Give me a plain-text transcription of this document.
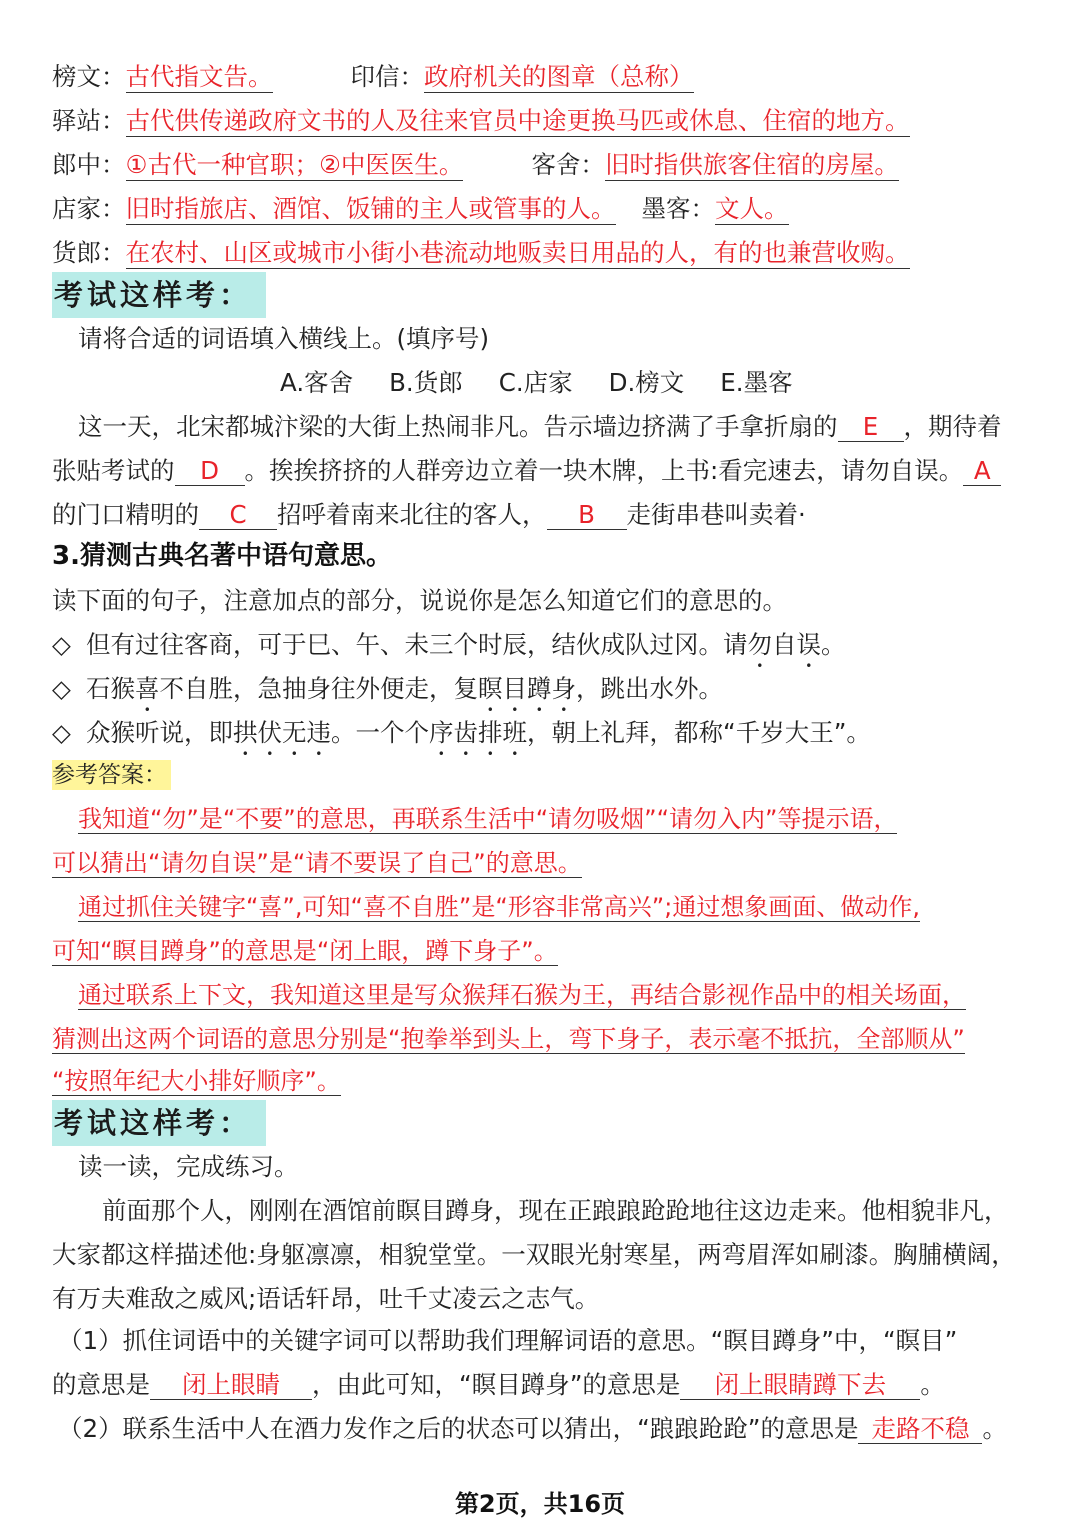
榜文：古代指文告。	印信：政府机关的图章（总称）
驿站：古代供传递政府文书的人及往来官员中途更换马匹或休息、住宿的地方。
郎中：①古代一种官职；②中医医生。	客舍：旧时指供旅客住宿的房屋。
店家：旧时指旅店、酒馆、饭铺的主人或管事的人。 墨客：文人。
货郎：在农村、山区或城市小街小巷流动地贩卖日用品的人，有的也兼营收购。
考试这样考：
请将合适的词语填入横线上。(填序号)
A.客舍 B.货郎 C.店家 D.榜文 E.墨客
这一天，北宋都城汴梁的大街上热闹非凡。告示墙边挤满了手拿折扇的 E ，期待着
张贴考试的 D 。挨挨挤挤的人群旁边立着一块木牌，上书:看完速去，请勿自误。 A
的门口精明的 C 招呼着南来北往的客人， B 走街串巷叫卖着·
3.猜测古典名著中语句意思。
读下面的句子，注意加点的部分，说说你是怎么知道它们的意思的。
◇ 但有过往客商，可于巳、午、未三个时辰，结伙成队过冈。请勿自误。
◇ 石猴喜不自胜，急抽身往外便走，复瞑目蹲身，跳出水外。
◇ 众猴听说，即拱伏无违。一个个序齿排班，朝上礼拜，都称“千岁大王”。
参考答案：
我知道“勿”是“不要”的意思，再联系生活中“请勿吸烟”“请勿入内”等提示语，
可以猜出“请勿自误”是“请不要误了自己”的意思。
通过抓住关键字“喜”,可知“喜不自胜”是“形容非常高兴”;通过想象画面、做动作,
可知“瞑目蹲身”的意思是“闭上眼，蹲下身子”。
通过联系上下文，我知道这里是写众猴拜石猴为王，再结合影视作品中的相关场面，
猜测出这两个词语的意思分别是“抱拳举到头上，弯下身子，表示毫不抵抗，全部顺从”
“按照年纪大小排好顺序”。
考试这样考：
读一读，完成练习。
前面那个人，刚刚在酒馆前瞑目蹲身，现在正踉踉跄跄地往这边走来。他相貌非凡，
大家都这样描述他:身躯凛凛，相貌堂堂。一双眼光射寒星，两弯眉浑如刷漆。胸脯横阔，
有万夫难敌之威风;语话轩昂，吐千丈凌云之志气。
（1）抓住词语中的关键字词可以帮助我们理解词语的意思。“瞑目蹲身”中，“瞑目”
的意思是 闭上眼睛 ，由此可知，“瞑目蹲身”的意思是 闭上眼睛蹲下去 。
（2）联系生活中人在酒力发作之后的状态可以猜出，“踉踉跄跄”的意思是 走路不稳 。
第2页，共16页
